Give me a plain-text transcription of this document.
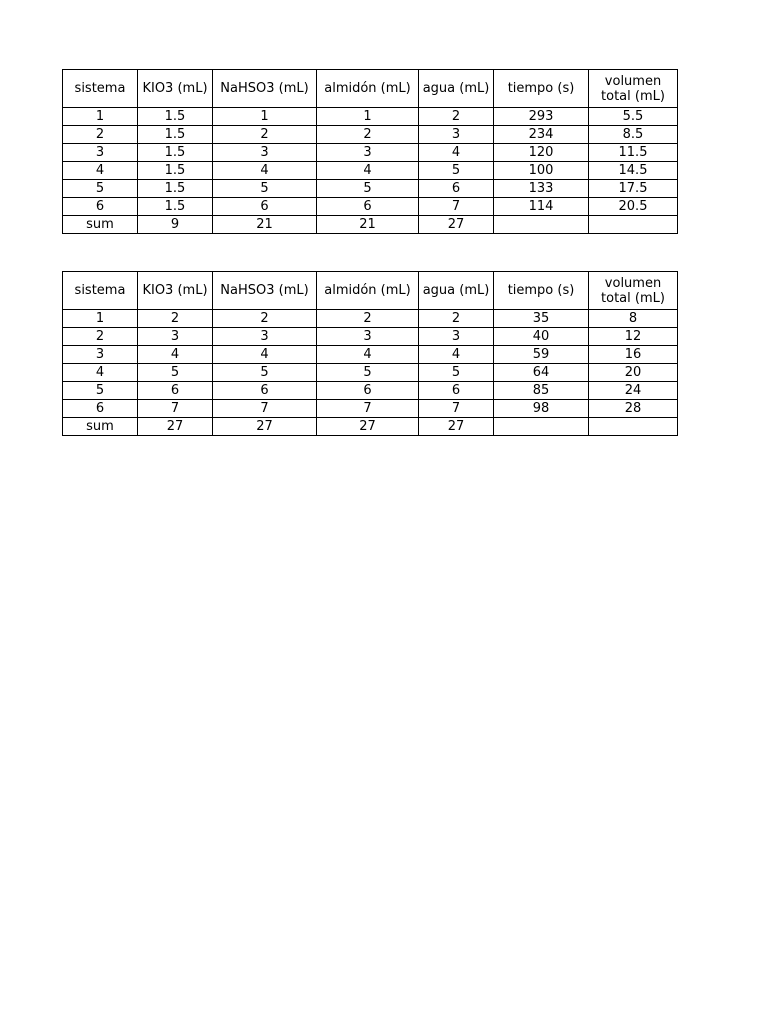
sistema	KIO3 (mL)	NaHSO3 (mL)	almidón (mL)	agua (mL)	tiempo (s)	volumen
total (mL)
1	1.5	1	1	2	293	5.5
2	1.5	2	2	3	234	8.5
3	1.5	3	3	4	120	11.5
4	1.5	4	4	5	100	14.5
5	1.5	5	5	6	133	17.5
6	1.5	6	6	7	114	20.5
sum	9	21	21	27		
sistema	KIO3 (mL)	NaHSO3 (mL)	almidón (mL)	agua (mL)	tiempo (s)	volumen
total (mL)
1	2	2	2	2	35	8
2	3	3	3	3	40	12
3	4	4	4	4	59	16
4	5	5	5	5	64	20
5	6	6	6	6	85	24
6	7	7	7	7	98	28
sum	27	27	27	27		
